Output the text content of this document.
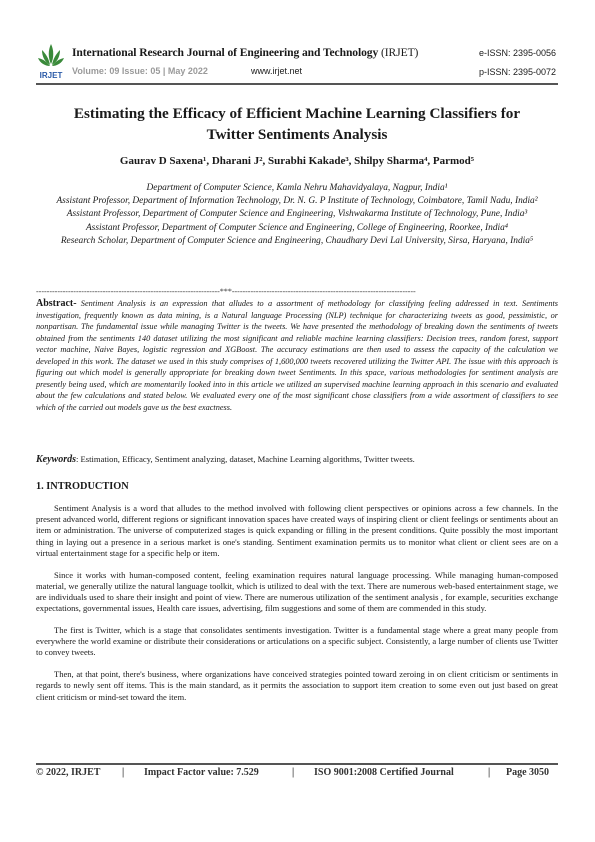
IRJET
International Research Journal of Engineering and Technology (IRJET)
Volume: 09 Issue: 05 | May 2022	www.irjet.net
e-ISSN: 2395-0056
p-ISSN: 2395-0072
Estimating the Efficacy of Efficient Machine Learning Classifiers for
Twitter Sentiments Analysis
Gaurav D Saxena¹, Dharani J², Surabhi Kakade³, Shilpy Sharma⁴, Parmod⁵
Department of Computer Science, Kamla Nehru Mahavidyalaya, Nagpur, India¹
Assistant Professor, Department of Information Technology, Dr. N. G. P Institute of Technology, Coimbatore, Tamil Nadu, India²
Assistant Professor, Department of Computer Science and Engineering, Vishwakarma Institute of Technology, Pune, India³
Assistant Professor, Department of Computer Science and Engineering, College of Engineering, Roorkee, India⁴
Research Scholar, Department of Computer Science and Engineering, Chaudhary Devi Lal University, Sirsa, Haryana, India⁵
---------------------------------------------------------------------***---------------------------------------------------------------------
Abstract- Sentiment Analysis is an expression that alludes to a assortment of methodology for classifying feeling addressed in text. Sentiments investigation, frequently known as data mining, is a Natural language Processing (NLP) technique for characterizing tweets as good, pessimistic, or nonpartisan. The fundamental issue while managing Twitter is the tweets. We have presented the methodology of breaking down the sentiments of tweets obtained from the sentiments 140 dataset utilizing the most significant and reliable machine learning classifiers: Decision trees, random forest, support vector machine, Naive Bayes, logistic regression and XGBoost. The accuracy estimations are then used to assess the capacity of the calculation we developed in this work. The dataset we used in this study comprises of 1,600,000 tweets recovered utilizing the Twitter API. The issue with this approach is figuring out which model is generally appropriate for breaking down tweet Sentiments. In this space, various methodologies for sentiment analysis are presently being used, which are momentarily looked into in this article we utilized an supervised machine learning approach in this scenario and evaluated about the few calculations and stated below. We evaluated every one of the most significant chose classifiers from a wide assortment of classifiers to see which of the carried out models gave us the best exactness.
Keywords: Estimation, Efficacy, Sentiment analyzing, dataset, Machine Learning algorithms, Twitter tweets.
1. INTRODUCTION

Sentiment Analysis is a word that alludes to the method involved with following client perspectives or opinions across a few channels. In the present advanced world, different regions or significant innovation spaces have created ways of inspiring client or client feelings or sentiments about an item or administration. The universe of computerized stages is quick expanding or filling in the present conditions. Quite possibly the most important thing in laying out a presence in a serious market is one's standing. Sentiment examination permits us to monitor what client or client sees are on a virtual entertainment stage for a specific help or item.

Since it works with human-composed content, feeling examination requires natural language processing. While managing human-composed material, we generally utilize the natural language toolkit, which is utilized to deal with the text. There are numerous web-based entertainment stage, we are individuals used to share their insight and point of view. There are numerous utilization of the sentiment analysis , for example, securities exchange expectations, governmental issues, Health care issues, advertising, film suggestions and some of them are commended in this study.

The first is Twitter, which is a stage that consolidates sentiments investigation. Twitter is a fundamental stage where a great many people from everywhere the world examine or distribute their considerations or articulations on a specific subject. Consistently, a large number of clients use Twitter to convey tweets.

Then, at that point, there's business, where organizations have conceived strategies pointed toward zeroing in on client criticism or sentiments in regards to newly sent off items. This is the main standard, as it permits the association to support item creation to some even out just based on great client criticism or mind-set toward the item.

© 2022, IRJET | Impact Factor value: 7.529	| ISO 9001:2008 Certified Journal	| Page 3050
